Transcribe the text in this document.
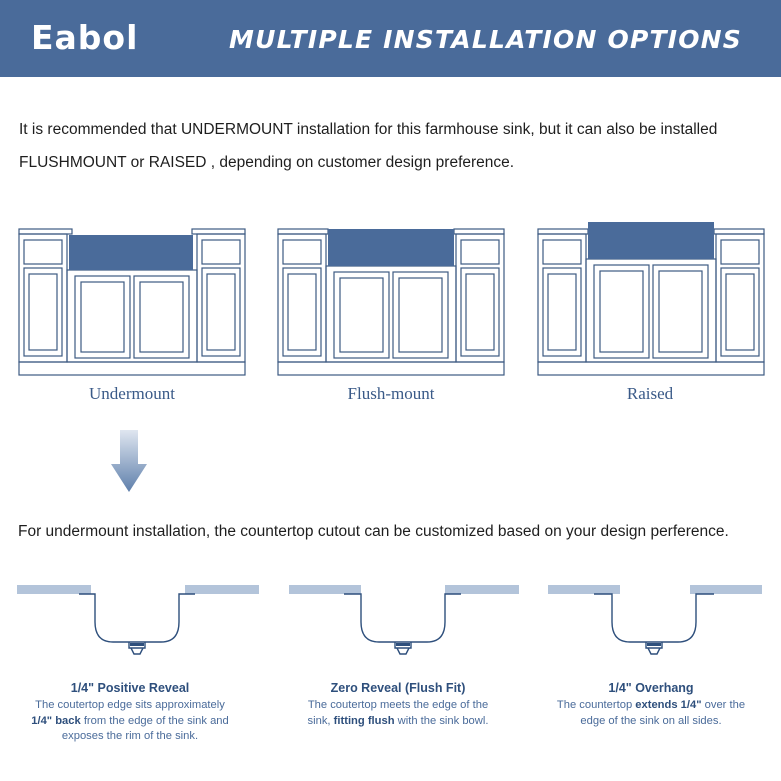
Eabol	MULTIPLE INSTALLATION OPTIONS
It is recommended that UNDERMOUNT installation for this farmhouse sink, but it can also be installed
FLUSHMOUNT or RAISED , depending on customer design preference.
Undermount	Flush-mount	Raised
For undermount installation, the countertop cutout can be customized based on your design perference.
1/4" Positive Reveal
The coutertop edge sits approximately
1/4" back from the edge of the sink and
exposes the rim of the sink.
Zero Reveal (Flush Fit)
The coutertop meets the edge of the
sink, fitting flush with the sink bowl.
1/4" Overhang
The countertop extends 1/4" over the
edge of the sink on all sides.
